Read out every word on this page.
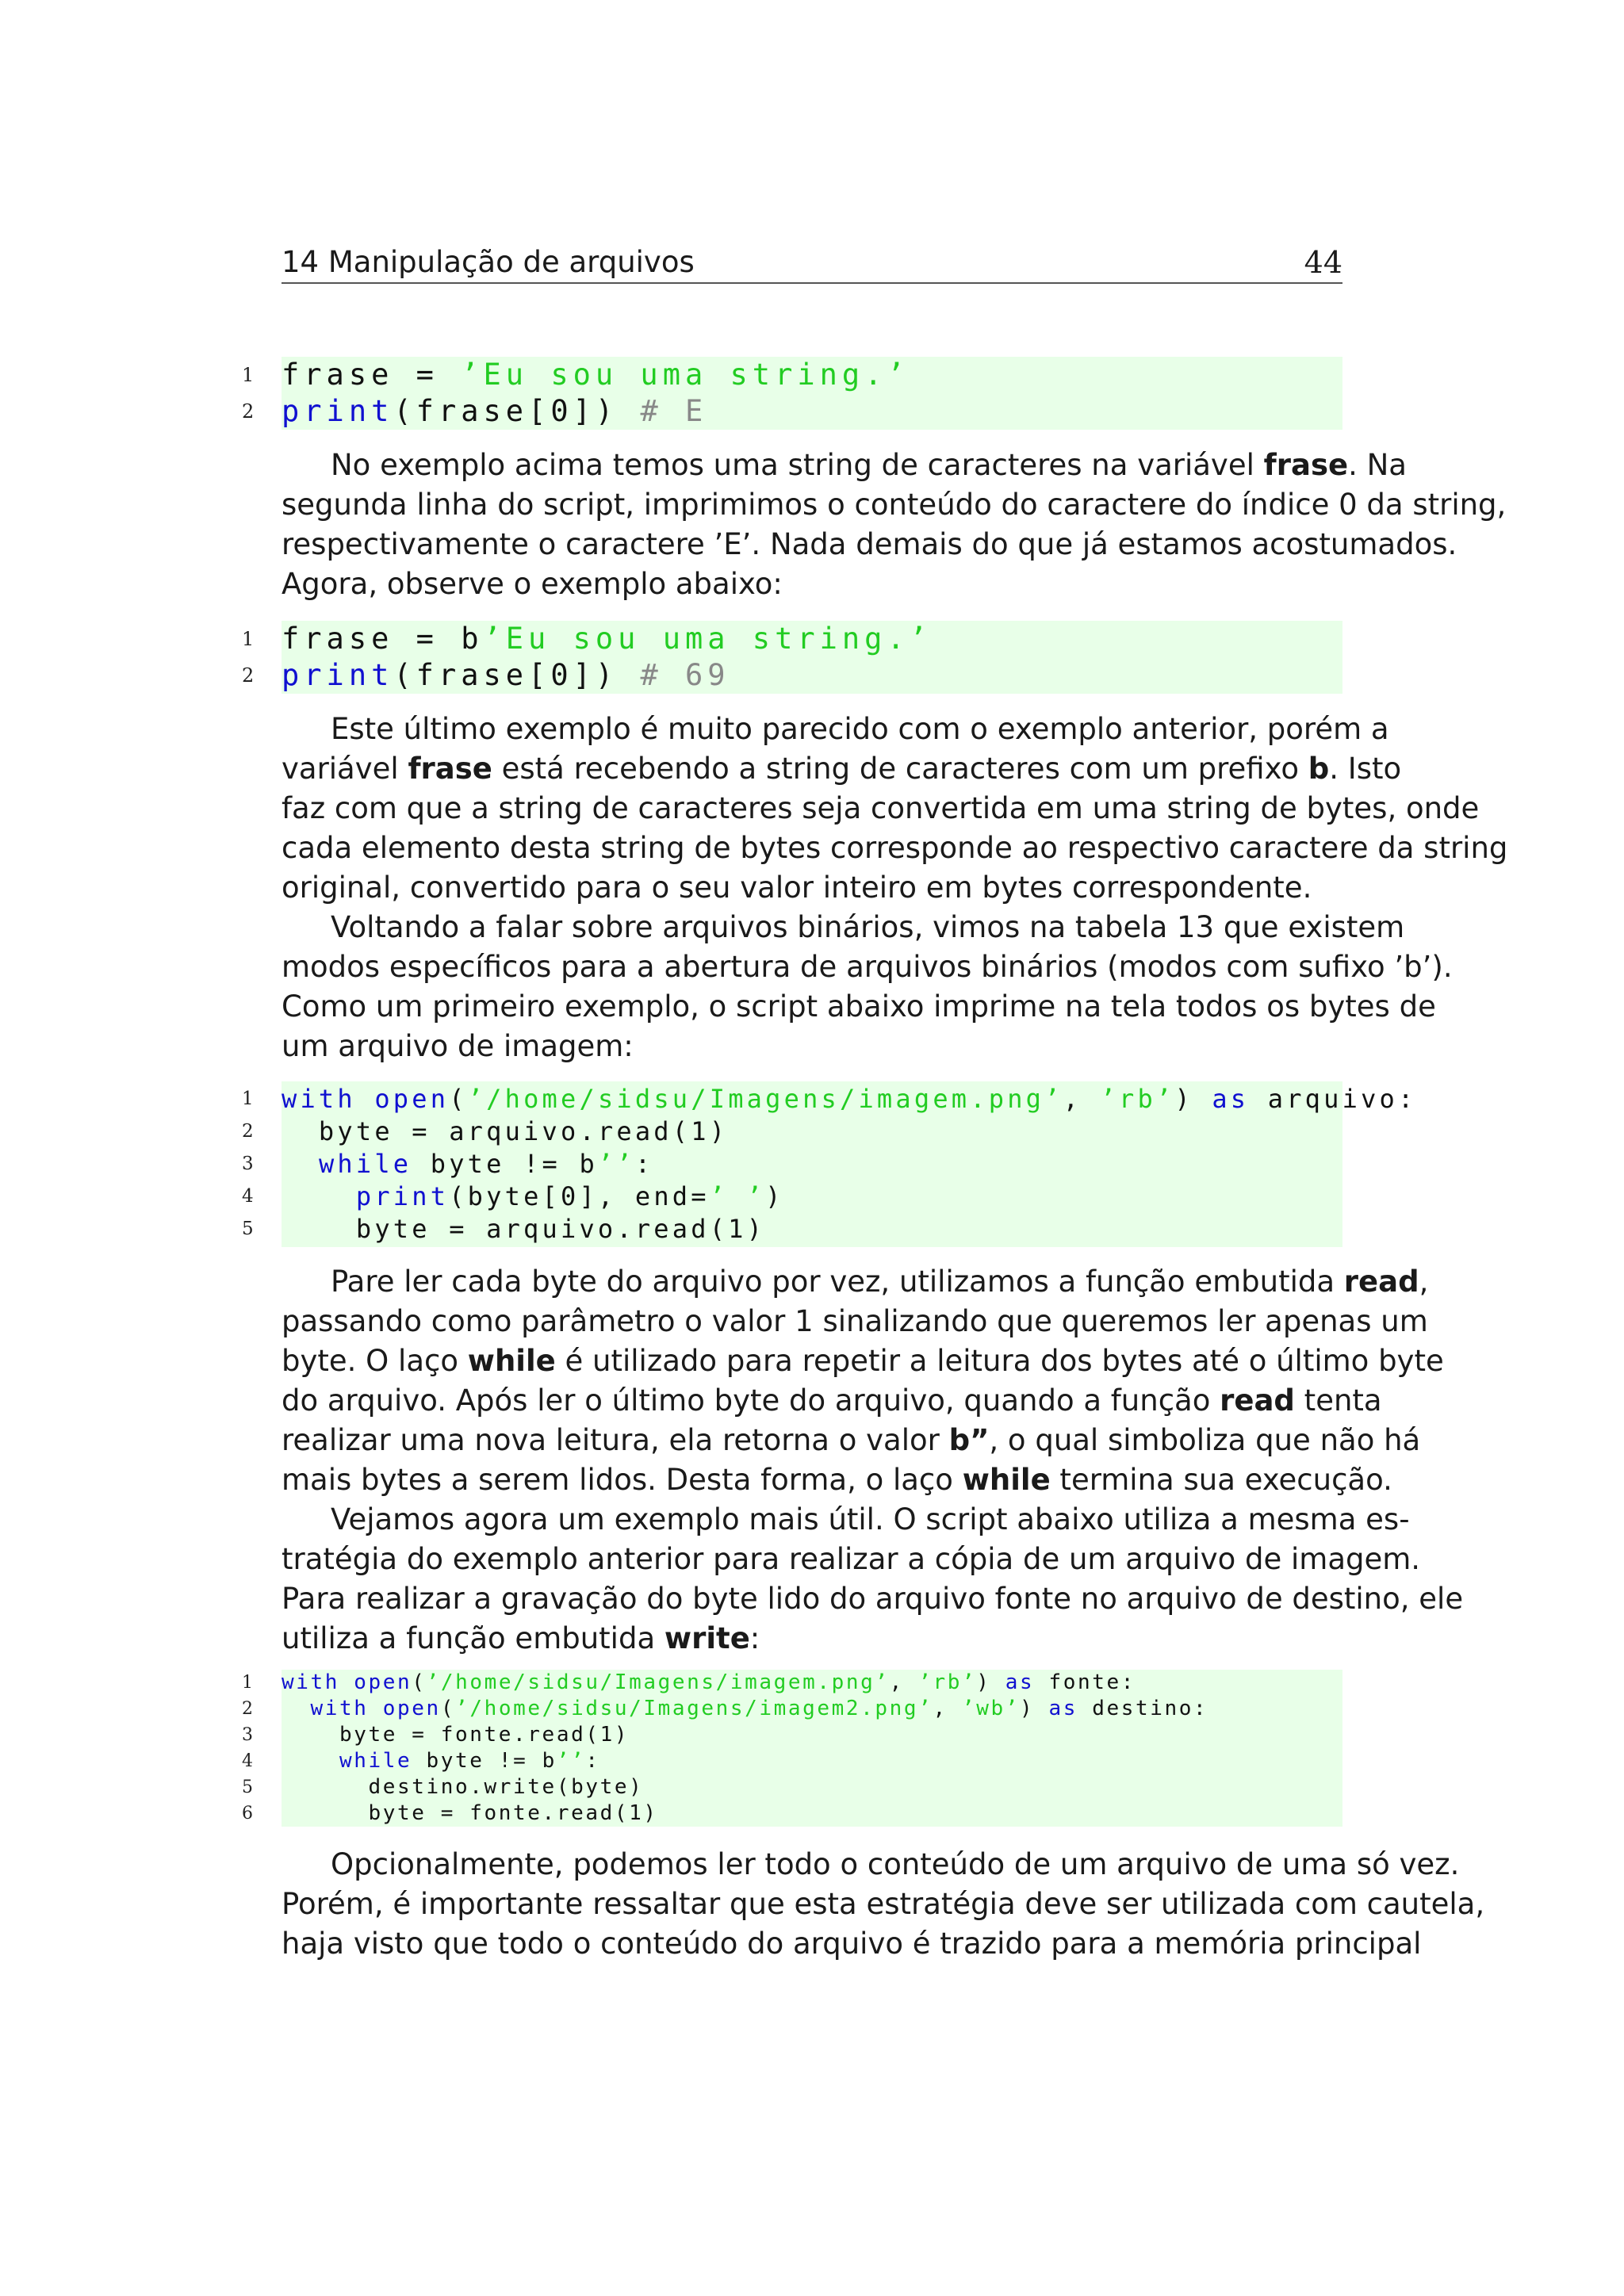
14 Manipulação de arquivos	44
1 frase = ’Eu sou uma string.’
2 print(frase[0]) # E
No exemplo acima temos uma string de caracteres na variável frase. Na
segunda linha do script, imprimimos o conteúdo do caractere do índice 0 da string,
respectivamente o caractere ’E’. Nada demais do que já estamos acostumados.
Agora, observe o exemplo abaixo:
1 frase = b’Eu sou uma string.’
2 print(frase[0]) # 69
Este último exemplo é muito parecido com o exemplo anterior, porém a
variável frase está recebendo a string de caracteres com um prefixo b. Isto
faz com que a string de caracteres seja convertida em uma string de bytes, onde
cada elemento desta string de bytes corresponde ao respectivo caractere da string
original, convertido para o seu valor inteiro em bytes correspondente.
Voltando a falar sobre arquivos binários, vimos na tabela 13 que existem
modos específicos para a abertura de arquivos binários (modos com sufixo ’b’).
Como um primeiro exemplo, o script abaixo imprime na tela todos os bytes de
um arquivo de imagem:
1 with open(’/home/sidsu/Imagens/imagem.png’, ’rb’) as arquivo:
2 byte = arquivo.read(1)
3	while byte != b’’:
4	print(byte[0], end=’ ’)
5 byte = arquivo.read(1)
Pare ler cada byte do arquivo por vez, utilizamos a função embutida read,
passando como parâmetro o valor 1 sinalizando que queremos ler apenas um
byte. O laço while é utilizado para repetir a leitura dos bytes até o último byte
do arquivo. Após ler o último byte do arquivo, quando a função read tenta
realizar uma nova leitura, ela retorna o valor b”, o qual simboliza que não há
mais bytes a serem lidos. Desta forma, o laço while termina sua execução.
Vejamos agora um exemplo mais útil. O script abaixo utiliza a mesma es-
tratégia do exemplo anterior para realizar a cópia de um arquivo de imagem.
Para realizar a gravação do byte lido do arquivo fonte no arquivo de destino, ele
utiliza a função embutida write:
1	with open(’/home/sidsu/Imagens/imagem.png’, ’rb’) as fonte:
2	with open(’/home/sidsu/Imagens/imagem2.png’, ’wb’) as destino:
3	byte = fonte.read(1)
4	while byte != b’’:
5	destino.write(byte)
6	byte = fonte.read(1)
Opcionalmente, podemos ler todo o conteúdo de um arquivo de uma só vez.
Porém, é importante ressaltar que esta estratégia deve ser utilizada com cautela,
haja visto que todo o conteúdo do arquivo é trazido para a memória principal
